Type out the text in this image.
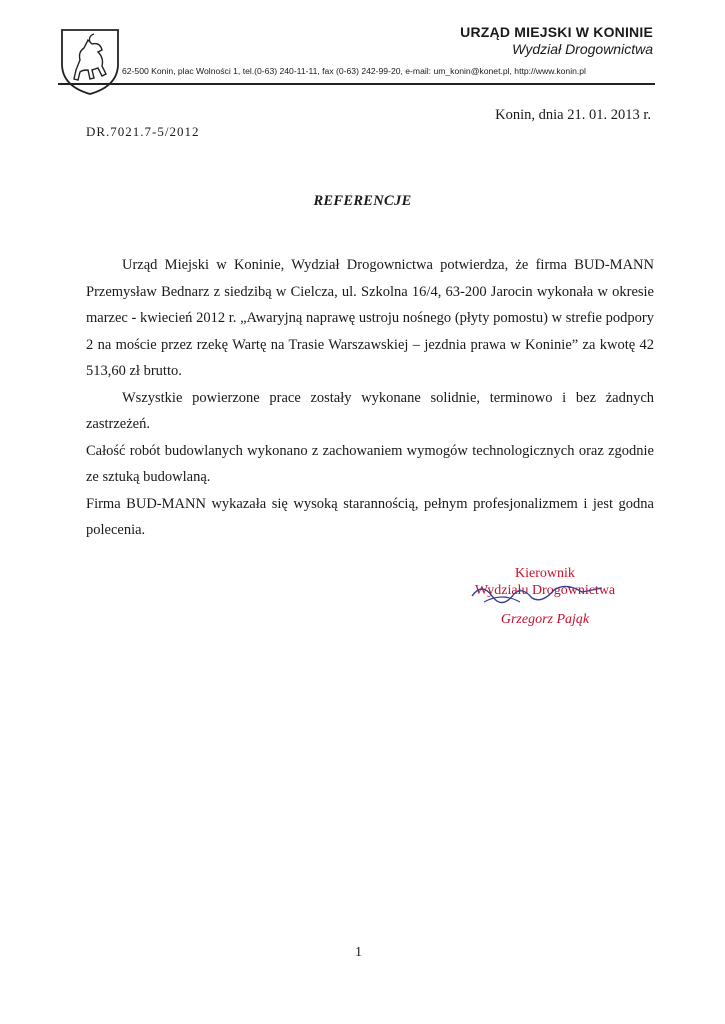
URZĄD MIEJSKI W KONINIE
Wydział Drogownictwa
62-500 Konin, plac Wolności 1, tel.(0-63) 240-11-11, fax (0-63) 242-99-20, e-mail: um_konin@konet.pl, http://www.konin.pl
Konin, dnia 21. 01. 2013 r.
DR.7021.7-5/2012
REFERENCJE

Urząd Miejski w Koninie, Wydział Drogownictwa potwierdza, że firma BUD-MANN Przemysław Bednarz z siedzibą w Cielcza, ul. Szkolna 16/4, 63-200 Jarocin wykonała w okresie marzec - kwiecień 2012 r. „Awaryjną naprawę ustroju nośnego (płyty pomostu) w strefie podpory 2 na moście przez rzekę Wartę na Trasie Warszawskiej – jezdnia prawa w Koninie” za kwotę 42 513,60 zł brutto.

Wszystkie powierzone prace zostały wykonane solidnie, terminowo i bez żadnych zastrzeżeń.

Całość robót budowlanych wykonano z zachowaniem wymogów technologicznych oraz zgodnie ze sztuką budowlaną.

Firma BUD-MANN wykazała się wysoką starannością, pełnym profesjonalizmem i jest godna polecenia.

Kierownik
Wydziału Drogownictwa
Grzegorz Pająk
1
